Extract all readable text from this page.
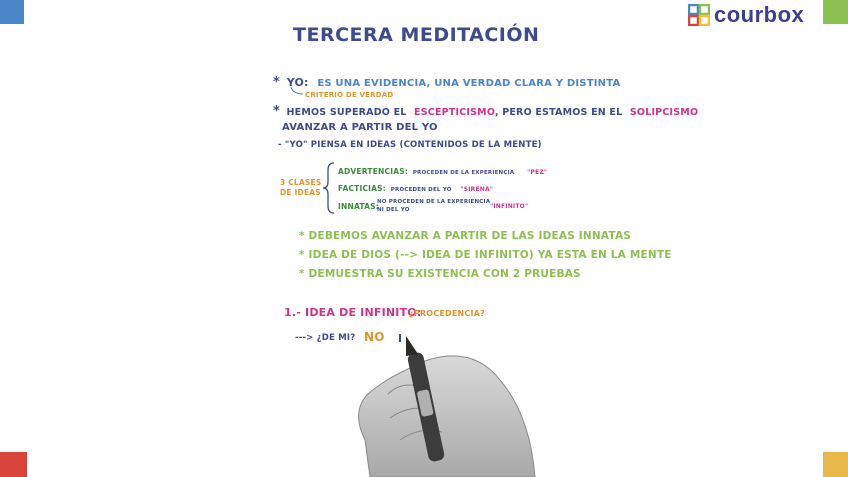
courbox
TERCERA MEDITACIÓN
* YO: ES UNA EVIDENCIA, UNA VERDAD CLARA Y DISTINTA
CRITERIO DE VERDAD
* HEMOS SUPERADO EL ESCEPTICISMO, PERO ESTAMOS EN EL SOLIPCISMO
AVANZAR A PARTIR DEL YO
- "YO" PIENSA EN IDEAS (CONTENIDOS DE LA MENTE)
3 CLASES
DE IDEAS
ADVERTENCIAS: PROCEDEN DE LA EXPERIENCIA "PEZ"
FACTICIAS: PROCEDEN DEL YO "SIRENA"
INNATAS:
NO PROCEDEN DE LA EXPERIENCIA
NI DEL YO	"INFINITO"
* DEBEMOS AVANZAR A PARTIR DE LAS IDEAS INNATAS
* IDEA DE DIOS (--> IDEA DE INFINITO) YA ESTA EN LA MENTE
* DEMUESTRA SU EXISTENCIA CON 2 PRUEBAS
1.- IDEA DE INFINITO:
¿PROCEDENCIA?
---> ¿DE MI? NO
